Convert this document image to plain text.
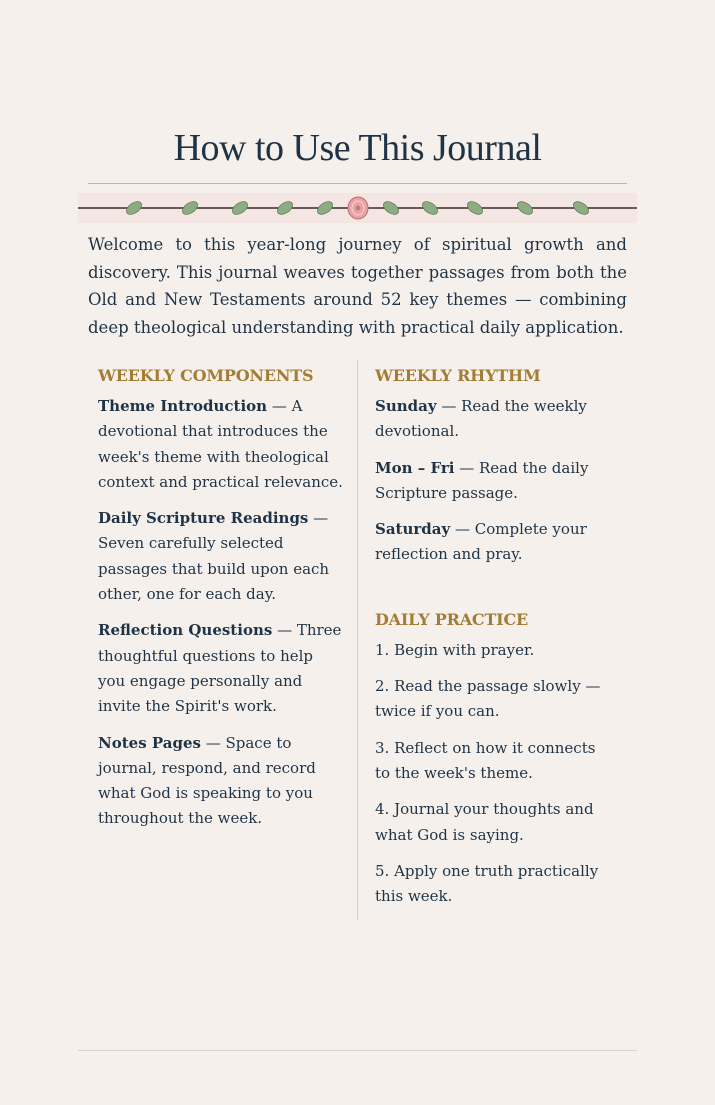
How to Use This Journal

Welcome to this year-long journey of spiritual growth and discovery. This journal weaves together passages from both the Old and New Testaments around 52 key themes — combining deep theological understanding with practical daily application.

WEEKLY COMPONENTS

Theme Introduction — A devotional that introduces the week's theme with theological context and practical relevance.

Daily Scripture Readings — Seven carefully selected passages that build upon each other, one for each day.

Reflection Questions — Three thoughtful questions to help you engage personally and invite the Spirit's work.

Notes Pages — Space to journal, respond, and record what God is speaking to you throughout the week.

WEEKLY RHYTHM

Sunday — Read the weekly devotional.

Mon – Fri — Read the daily Scripture passage.

Saturday — Complete your reflection and pray.

DAILY PRACTICE

1. Begin with prayer.

2. Read the passage slowly — twice if you can.

3. Reflect on how it connects to the week's theme.

4. Journal your thoughts and what God is saying.

5. Apply one truth practically this week.
